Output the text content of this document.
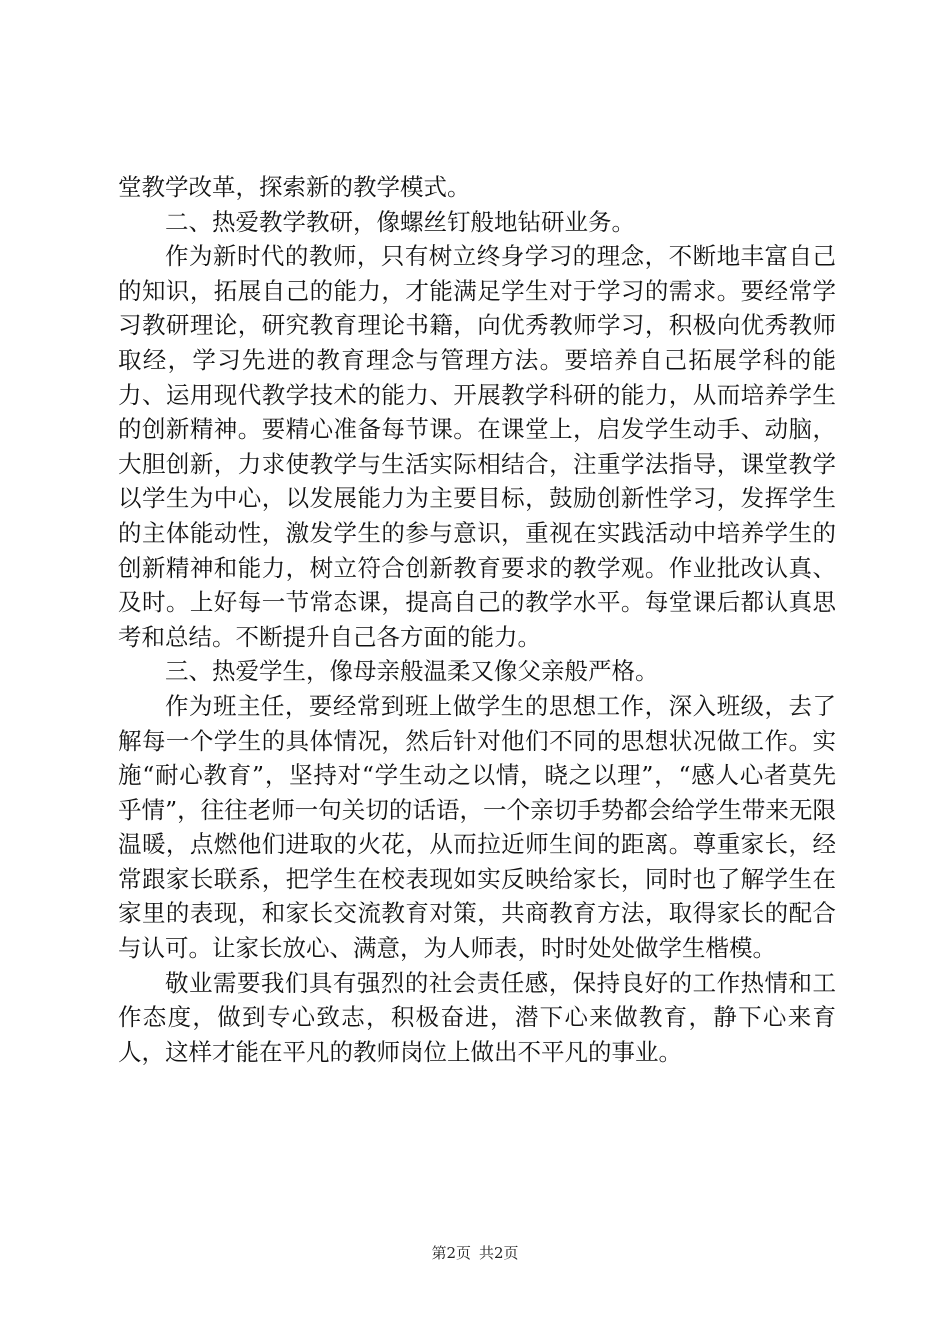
堂教学改革，探索新的教学模式。

二、热爱教学教研，像螺丝钉般地钻研业务。

作为新时代的教师，只有树立终身学习的理念，不断地丰富自己的知识，拓展自己的能力，才能满足学生对于学习的需求。要经常学习教研理论，研究教育理论书籍，向优秀教师学习，积极向优秀教师取经，学习先进的教育理念与管理方法。要培养自己拓展学科的能力、运用现代教学技术的能力、开展教学科研的能力，从而培养学生的创新精神。要精心准备每节课。在课堂上，启发学生动手、动脑，大胆创新，力求使教学与生活实际相结合，注重学法指导，课堂教学以学生为中心，以发展能力为主要目标，鼓励创新性学习，发挥学生的主体能动性，激发学生的参与意识，重视在实践活动中培养学生的创新精神和能力，树立符合创新教育要求的教学观。作业批改认真、及时。上好每一节常态课，提高自己的教学水平。每堂课后都认真思考和总结。不断提升自己各方面的能力。

三、热爱学生，像母亲般温柔又像父亲般严格。

作为班主任，要经常到班上做学生的思想工作，深入班级，去了解每一个学生的具体情况，然后针对他们不同的思想状况做工作。实施“耐心教育”，坚持对“学生动之以情，晓之以理”，“感人心者莫先乎情”，往往老师一句关切的话语，一个亲切手势都会给学生带来无限温暖，点燃他们进取的火花，从而拉近师生间的距离。尊重家长，经常跟家长联系，把学生在校表现如实反映给家长，同时也了解学生在家里的表现，和家长交流教育对策，共商教育方法，取得家长的配合与认可。让家长放心、满意，为人师表，时时处处做学生楷模。

敬业需要我们具有强烈的社会责任感，保持良好的工作热情和工作态度，做到专心致志，积极奋进，潜下心来做教育，静下心来育人，这样才能在平凡的教师岗位上做出不平凡的事业。

第2页 共2页
